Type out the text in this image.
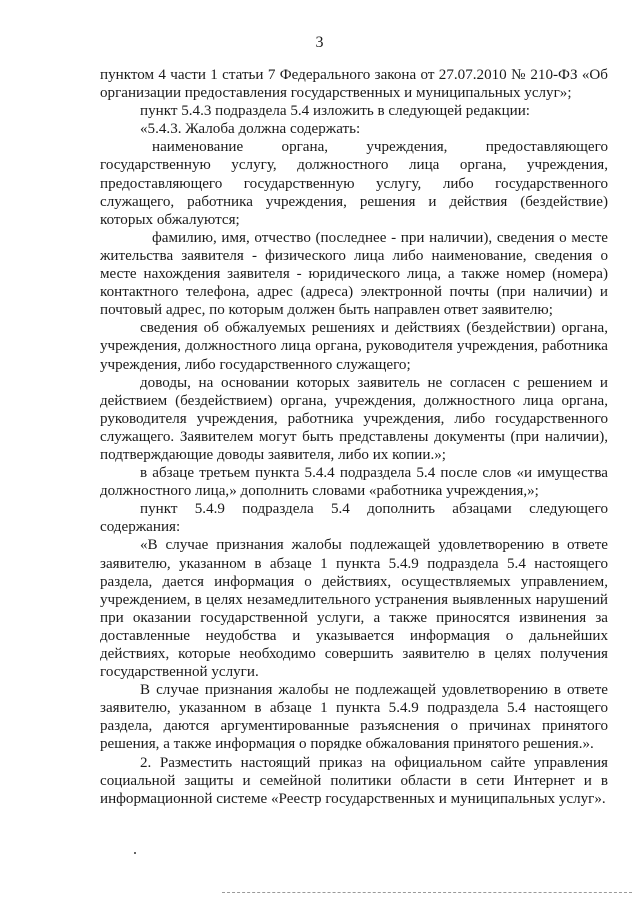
3

пунктом 4 части 1 статьи 7 Федерального закона от 27.07.2010 № 210-ФЗ «Об организации предоставления государственных и муниципальных услуг»;

пункт 5.4.3 подраздела 5.4 изложить в следующей редакции:

«5.4.3. Жалоба должна содержать:

наименование органа, учреждения, предоставляющего государственную услугу, должностного лица органа, учреждения, предоставляющего государственную услугу, либо государственного служащего, работника учреждения, решения и действия (бездействие) которых обжалуются;

фамилию, имя, отчество (последнее - при наличии), сведения о месте жительства заявителя - физического лица либо наименование, сведения о месте нахождения заявителя - юридического лица, а также номер (номера) контактного телефона, адрес (адреса) электронной почты (при наличии) и почтовый адрес, по которым должен быть направлен ответ заявителю;

сведения об обжалуемых решениях и действиях (бездействии) органа, учреждения, должностного лица органа, руководителя учреждения, работника учреждения, либо государственного служащего;

доводы, на основании которых заявитель не согласен с решением и действием (бездействием) органа, учреждения, должностного лица органа, руководителя учреждения, работника учреждения, либо государственного служащего. Заявителем могут быть представлены документы (при наличии), подтверждающие доводы заявителя, либо их копии.»;

в абзаце третьем пункта 5.4.4 подраздела 5.4 после слов «и имущества должностного лица,» дополнить словами «работника учреждения,»;

пункт 5.4.9 подраздела 5.4 дополнить абзацами следующего содержания:

«В случае признания жалобы подлежащей удовлетворению в ответе заявителю, указанном в абзаце 1 пункта 5.4.9 подраздела 5.4 настоящего раздела, дается информация о действиях, осуществляемых управлением, учреждением, в целях незамедлительного устранения выявленных нарушений при оказании государственной услуги, а также приносятся извинения за доставленные неудобства и указывается информация о дальнейших действиях, которые необходимо совершить заявителю в целях получения государственной услуги.

В случае признания жалобы не подлежащей удовлетворению в ответе заявителю, указанном в абзаце 1 пункта 5.4.9 подраздела 5.4 настоящего раздела, даются аргументированные разъяснения о причинах принятого решения, а также информация о порядке обжалования принятого решения.».

2. Разместить настоящий приказ на официальном сайте управления социальной защиты и семейной политики области в сети Интернет и в информационной системе «Реестр государственных и муниципальных услуг».
